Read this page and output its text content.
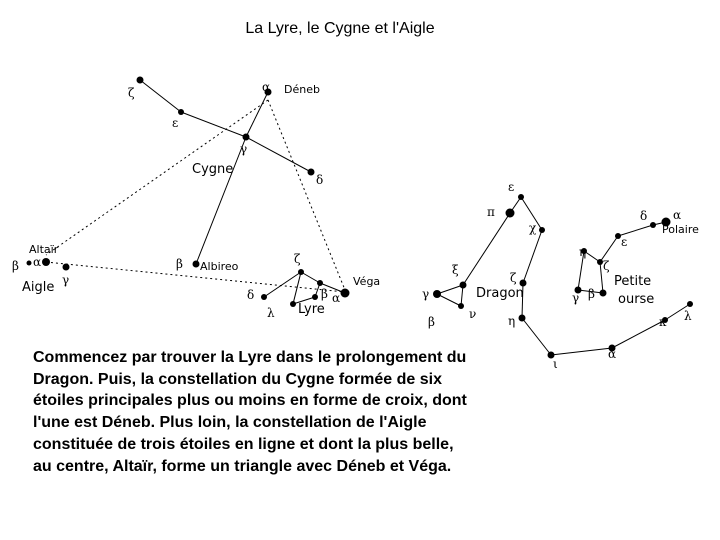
La Lyre, le Cygne et l'Aigle
ζ
ε
α
γ
δ
β
β α
γ
ζ
δ
λ
β α	γ
β
ξ
ν
π
ε
χ
ζ
η
ι
α
κ λ
δ α
ε
η
ζ
γ β
Déneb
Albireo
Véga
Altaïr
Polaire
Cygne
Lyre
Aigle	Dragon
Petite
ourse
Commencez par trouver la Lyre dans le prolongement du Dragon. Puis, la constellation du Cygne formée de six étoiles principales plus ou moins en forme de croix, dont l'une est Déneb. Plus loin, la constellation de l'Aigle constituée de trois étoiles en ligne et dont la plus belle, au centre, Altaïr, forme un triangle avec Déneb et Véga.
